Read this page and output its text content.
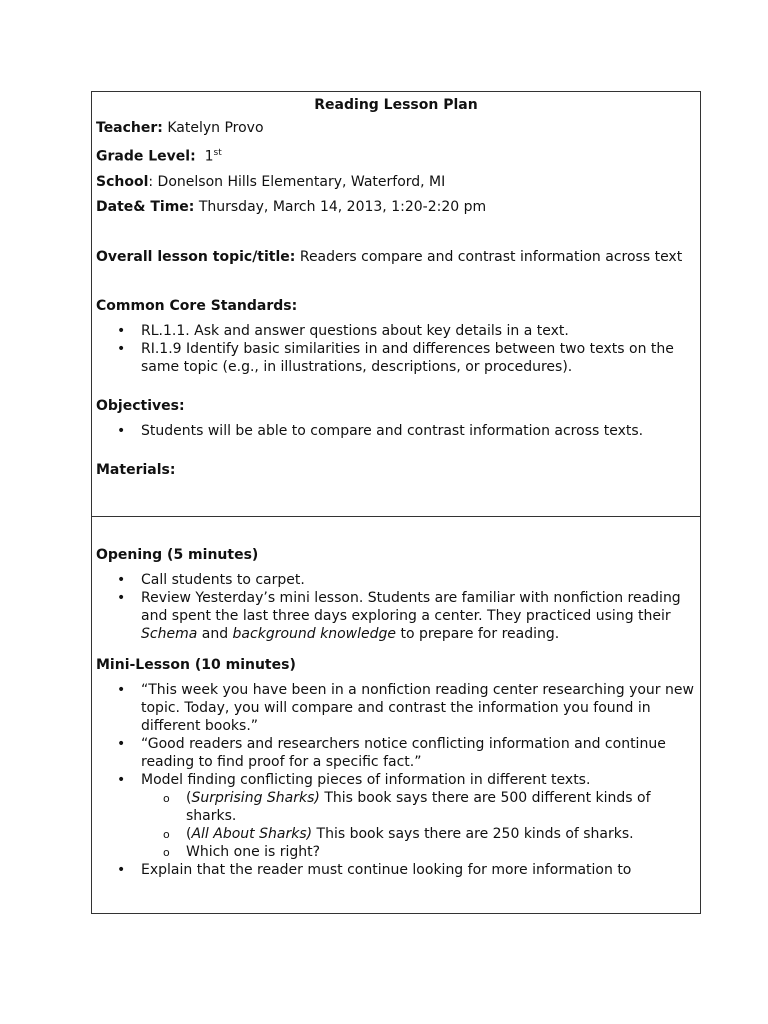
Reading Lesson Plan
Teacher: Katelyn Provo
Grade Level: 1st
School: Donelson Hills Elementary, Waterford, MI
Date& Time: Thursday, March 14, 2013, 1:20-2:20 pm
Overall lesson topic/title: Readers compare and contrast information across text
Common Core Standards:
• RL.1.1. Ask and answer questions about key details in a text.
• RI.1.9 Identify basic similarities in and differences between two texts on the same topic (e.g., in illustrations, descriptions, or procedures).
Objectives:
• Students will be able to compare and contrast information across texts.
Materials:
Opening (5 minutes)
• Call students to carpet.
• Review Yesterday’s mini lesson. Students are familiar with nonfiction reading and spent the last three days exploring a center. They practiced using their Schema and background knowledge to prepare for reading.
Mini-Lesson (10 minutes)
• “This week you have been in a nonfiction reading center researching your new topic. Today, you will compare and contrast the information you found in different books.”
• “Good readers and researchers notice conflicting information and continue reading to find proof for a specific fact.”
• Model finding conflicting pieces of information in different texts.
o (Surprising Sharks) This book says there are 500 different kinds of sharks.
o (All About Sharks) This book says there are 250 kinds of sharks.
o Which one is right?
• Explain that the reader must continue looking for more information to
